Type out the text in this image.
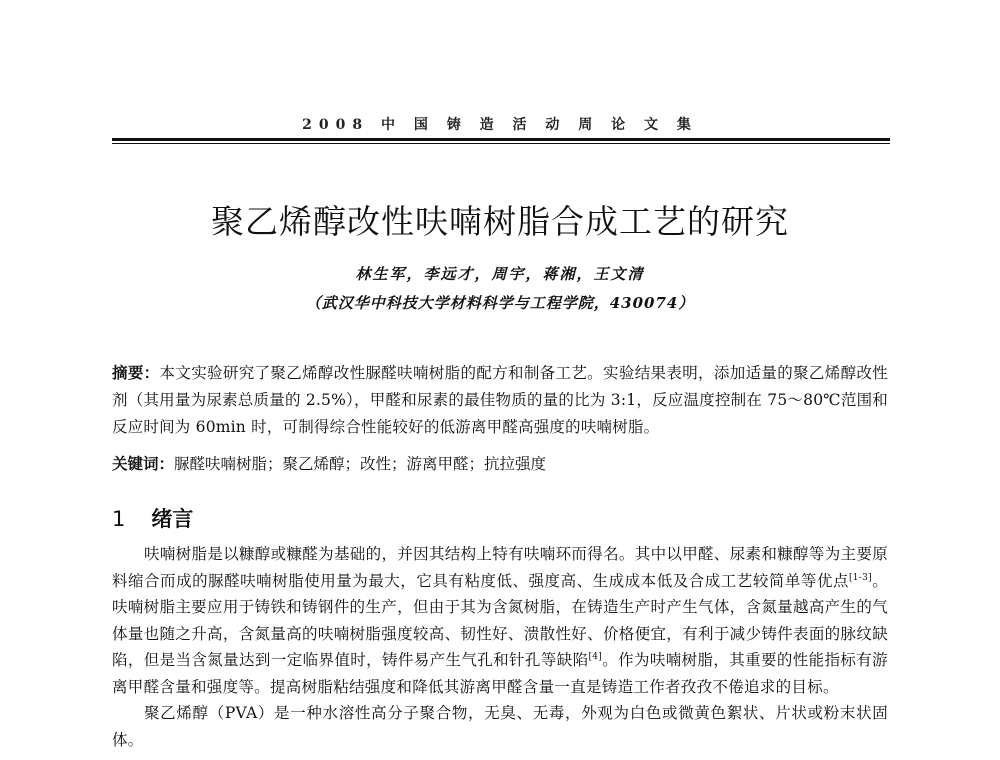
2008 中 国 铸 造 活 动 周 论 文 集
聚乙烯醇改性呋喃树脂合成工艺的研究
林生军，李远才，周宇，蒋湘，王文清
（武汉华中科技大学材料科学与工程学院，430074）
摘要：本文实验研究了聚乙烯醇改性脲醛呋喃树脂的配方和制备工艺。实验结果表明，添加适量的聚乙烯醇改性剂（其用量为尿素总质量的 2.5%），甲醛和尿素的最佳物质的量的比为 3:1，反应温度控制在 75～80℃范围和反应时间为 60min 时，可制得综合性能较好的低游离甲醛高强度的呋喃树脂。
关键词：脲醛呋喃树脂；聚乙烯醇；改性；游离甲醛；抗拉强度
1 绪言

呋喃树脂是以糠醇或糠醛为基础的，并因其结构上特有呋喃环而得名。其中以甲醛、尿素和糠醇等为主要原料缩合而成的脲醛呋喃树脂使用量为最大，它具有粘度低、强度高、生成成本低及合成工艺较简单等优点[1-3]。呋喃树脂主要应用于铸铁和铸钢件的生产，但由于其为含氮树脂，在铸造生产时产生气体，含氮量越高产生的气体量也随之升高，含氮量高的呋喃树脂强度较高、韧性好、溃散性好、价格便宜，有利于减少铸件表面的脉纹缺陷，但是当含氮量达到一定临界值时，铸件易产生气孔和针孔等缺陷[4]。作为呋喃树脂，其重要的性能指标有游离甲醛含量和强度等。提高树脂粘结强度和降低其游离甲醛含量一直是铸造工作者孜孜不倦追求的目标。

聚乙烯醇（PVA）是一种水溶性高分子聚合物，无臭、无毒，外观为白色或微黄色絮状、片状或粉末状固体。
